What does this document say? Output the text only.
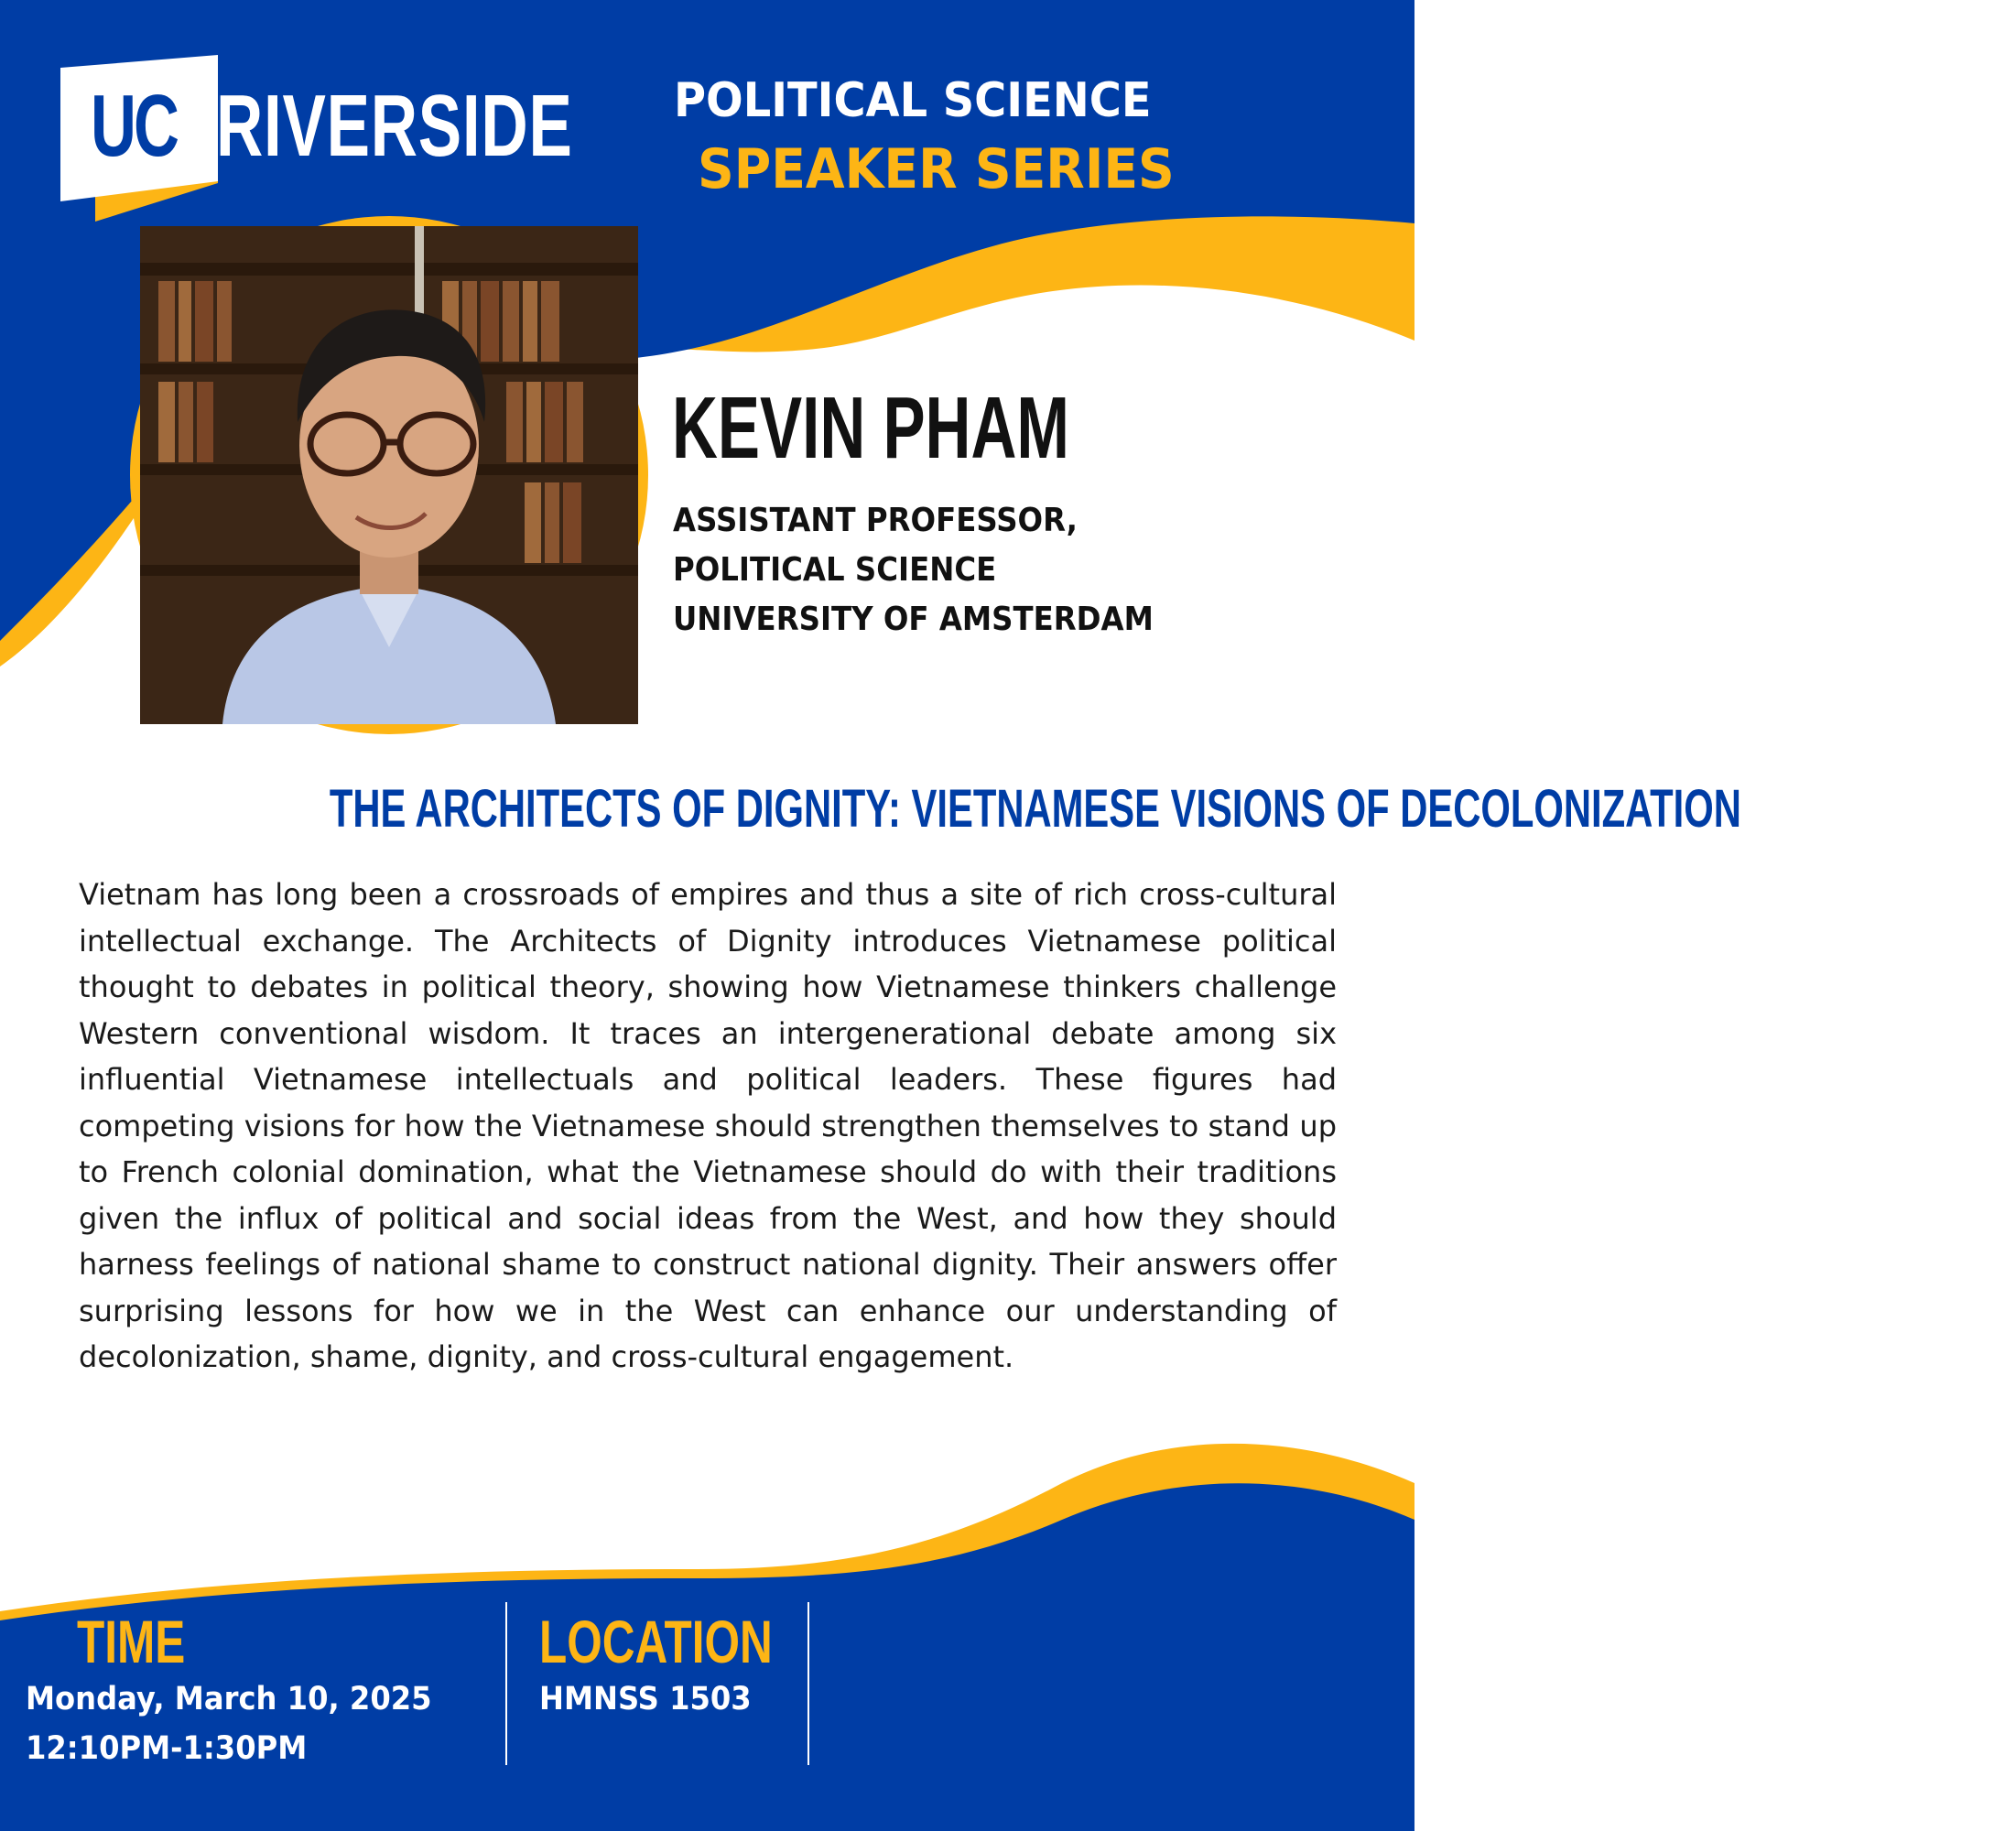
UC RIVERSIDE POLITICAL SCIENCE
SPEAKER SERIES
KEVIN PHAM
ASSISTANT PROFESSOR,
POLITICAL SCIENCE
UNIVERSITY OF AMSTERDAM
THE ARCHITECTS OF DIGNITY: VIETNAMESE VISIONS OF DECOLONIZATION
Vietnam has long been a crossroads of empires and thus a site of rich cross-cultural intellectual exchange. The Architects of Dignity introduces Vietnamese political thought to debates in political theory, showing how Vietnamese thinkers challenge Western conventional wisdom. It traces an intergenerational debate among six influential Vietnamese intellectuals and political leaders. These figures had competing visions for how the Vietnamese should strengthen themselves to stand up to French colonial domination, what the Vietnamese should do with their traditions given the influx of political and social ideas from the West, and how they should harness feelings of national shame to construct national dignity. Their answers offer surprising lessons for how we in the West can enhance our understanding of decolonization, shame, dignity, and cross-cultural engagement.
TIME
Monday, March 10, 2025
12:10PM-1:30PM
LOCATION
HMNSS 1503
